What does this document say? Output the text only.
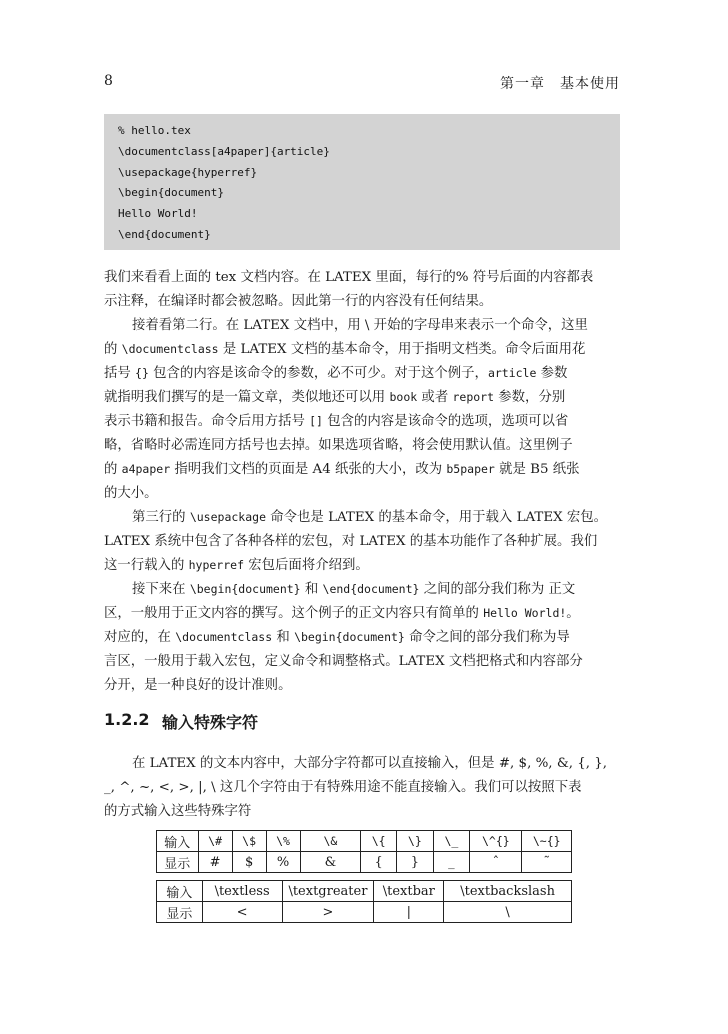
8	第一章　基本使用
% hello.tex
\documentclass[a4paper]{article}
\usepackage{hyperref}
\begin{document}
Hello World!
\end{document}
我们来看看上面的 tex 文档内容。在 LATEX 里面，每行的% 符号后面的内容都表
示注释，在编译时都会被忽略。因此第一行的内容没有任何结果。
接着看第二行。在 LATEX 文档中，用 \ 开始的字母串来表示一个命令，这里
的 \documentclass 是 LATEX 文档的基本命令，用于指明文档类。命令后面用花
括号 {} 包含的内容是该命令的参数，必不可少。对于这个例子，article 参数
就指明我们撰写的是一篇文章，类似地还可以用 book 或者 report 参数，分别
表示书籍和报告。命令后用方括号 [] 包含的内容是该命令的选项，选项可以省
略，省略时必需连同方括号也去掉。如果选项省略，将会使用默认值。这里例子
的 a4paper 指明我们文档的页面是 A4 纸张的大小，改为 b5paper 就是 B5 纸张
的大小。
第三行的 \usepackage 命令也是 LATEX 的基本命令，用于载入 LATEX 宏包。
LATEX 系统中包含了各种各样的宏包，对 LATEX 的基本功能作了各种扩展。我们
这一行载入的 hyperref 宏包后面将介绍到。
接下来在 \begin{document} 和 \end{document} 之间的部分我们称为 正文
区，一般用于正文内容的撰写。这个例子的正文内容只有简单的 Hello World!。
对应的，在 \documentclass 和 \begin{document} 命令之间的部分我们称为导
言区，一般用于载入宏包，定义命令和调整格式。LATEX 文档把格式和内容部分
分开，是一种良好的设计准则。
1.2.2 输入特殊字符
在 LATEX 的文本内容中，大部分字符都可以直接输入，但是 #, $, %, &, {, },
_, ^, ~, <, >, |, \ 这几个字符由于有特殊用途不能直接输入。我们可以按照下表
的方式输入这些特殊字符
输入	\#	\$	\%	\&	\{	\}	\_	\^{}	\~{}
显示	#	$	%	&	{	}	_	ˆ	˜
输入	\textless	\textgreater	\textbar	\textbackslash
显示	<	>	|	\
